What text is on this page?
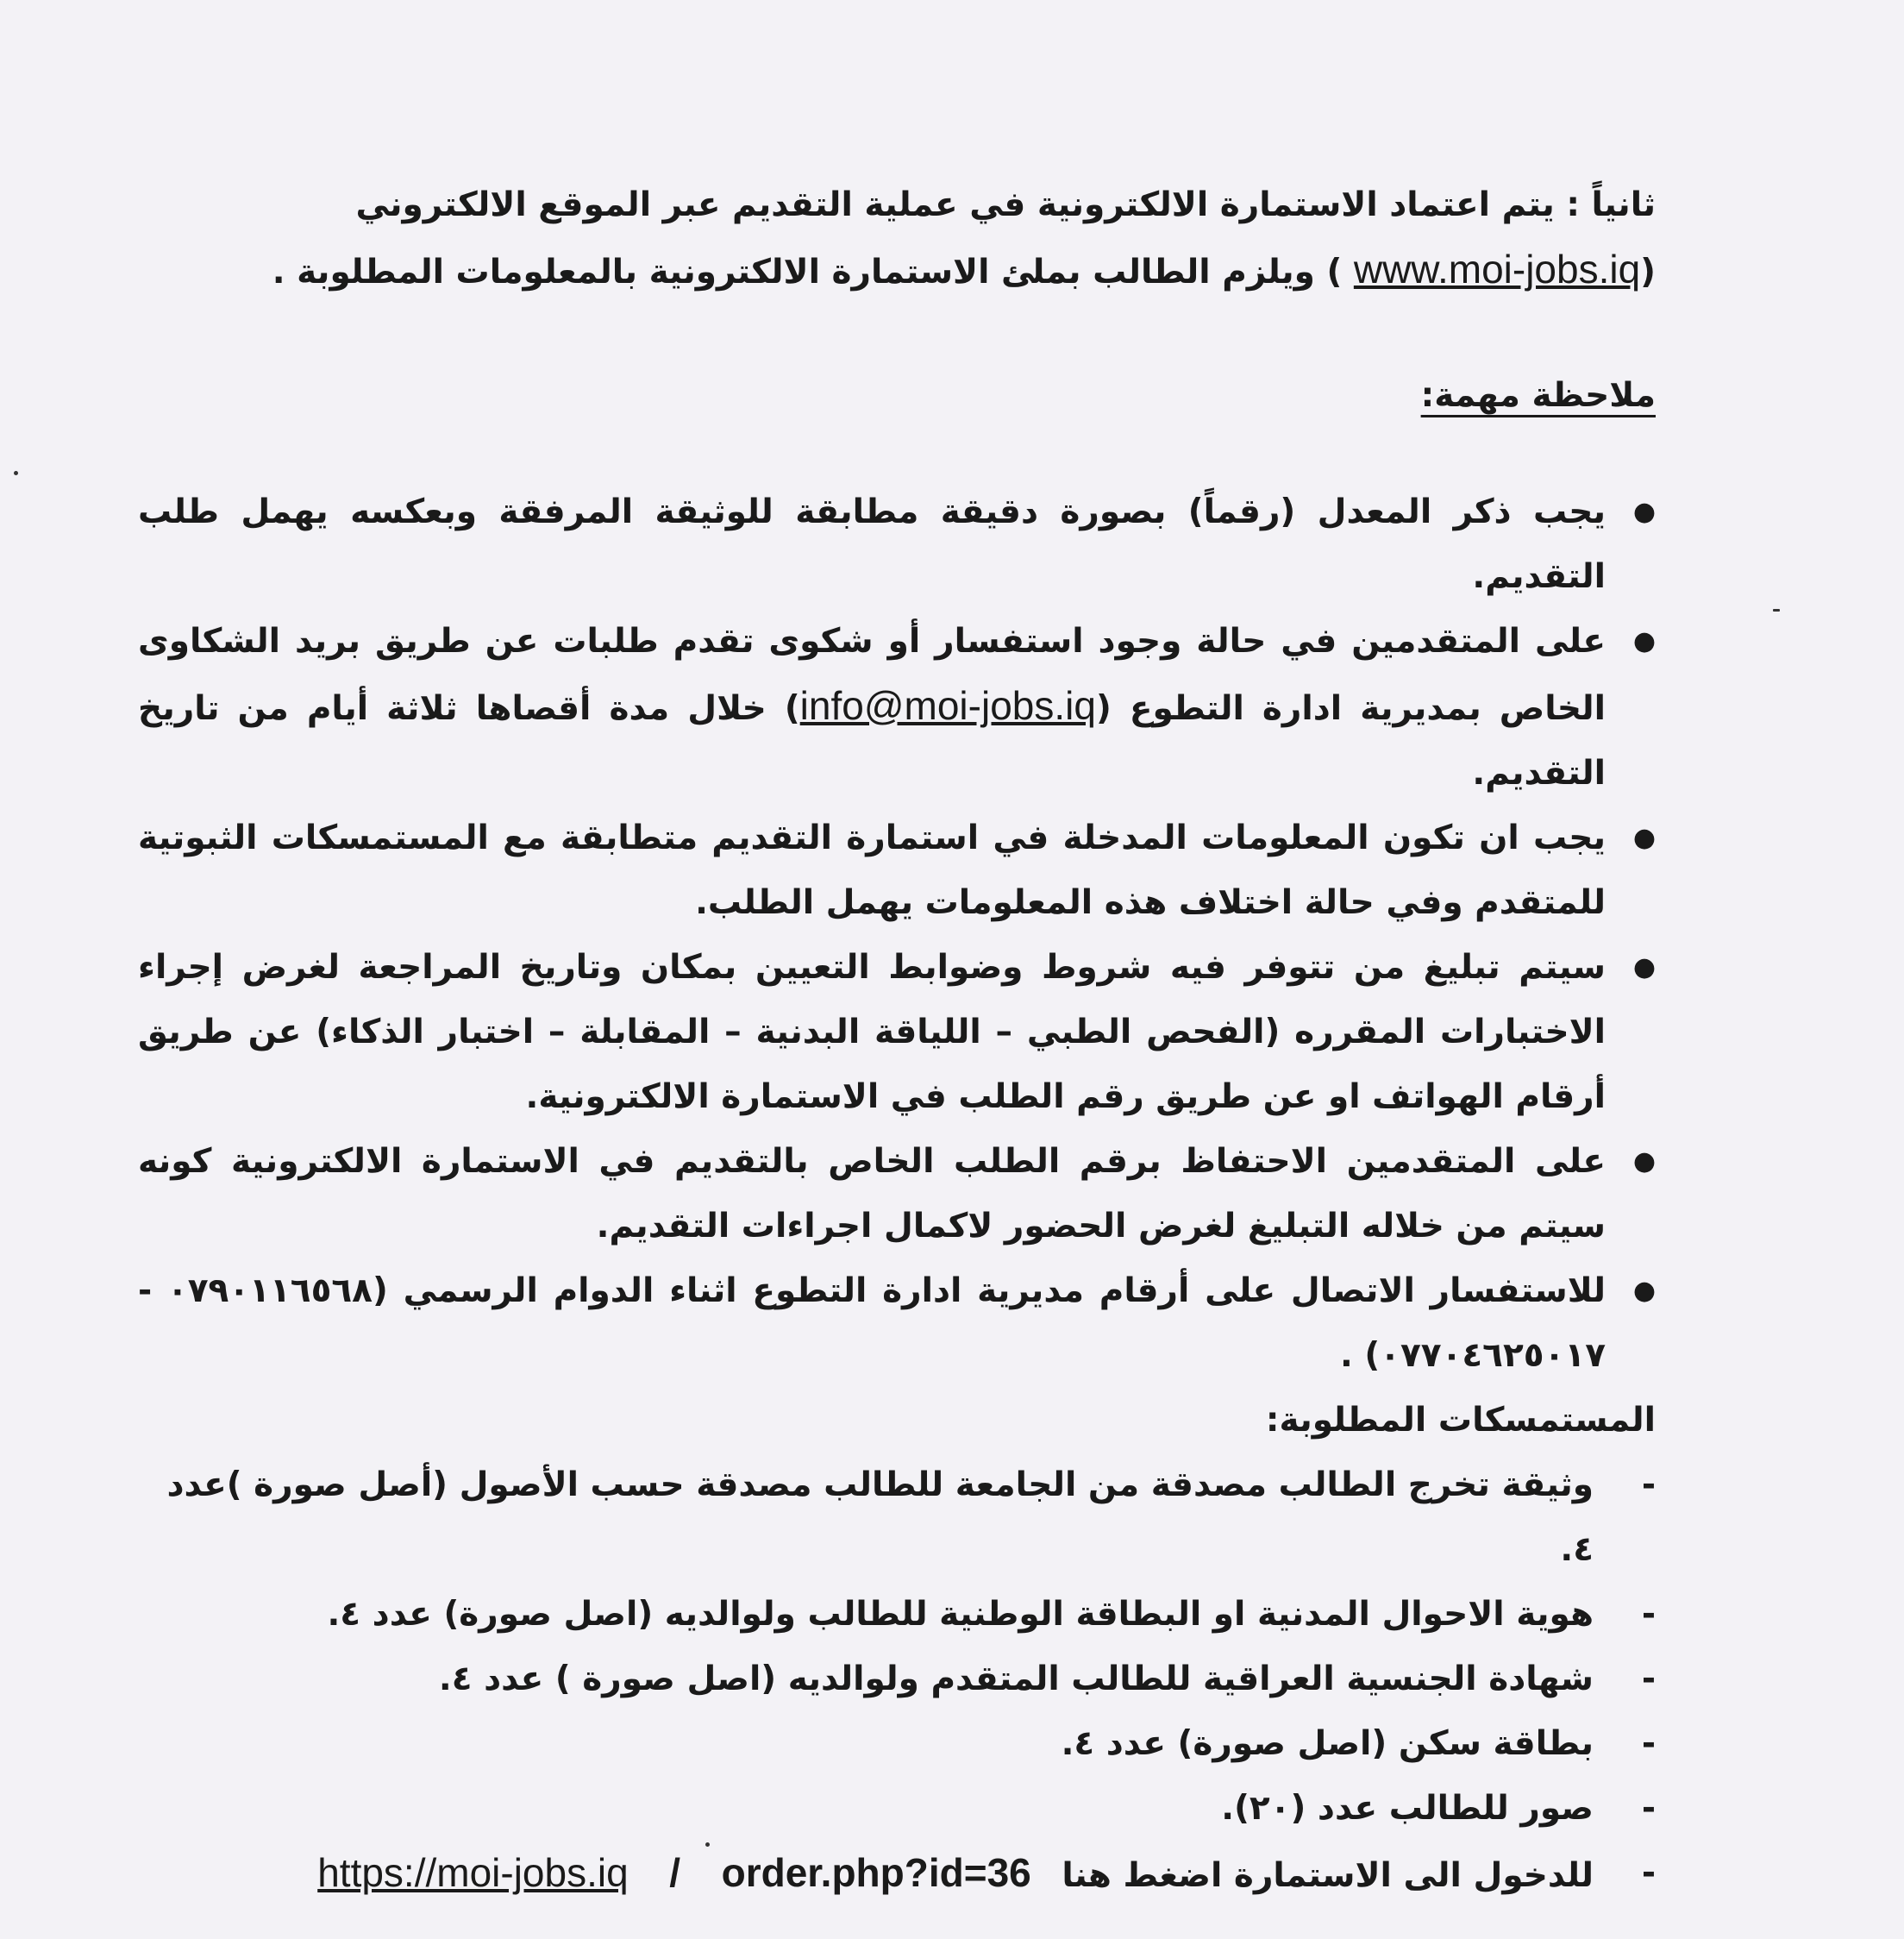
ثانياً : يتم اعتماد الاستمارة الالكترونية في عملية التقديم عبر الموقع الالكتروني
(www.moi-jobs.iq ) ويلزم الطالب بملئ الاستمارة الالكترونية بالمعلومات المطلوبة .

ملاحظة مهمة:

●
يجب ذكر المعدل (رقماً) بصورة دقيقة مطابقة للوثيقة المرفقة وبعكسه يهمل طلب التقديم.
●
على المتقدمين في حالة وجود استفسار أو شكوى تقدم طلبات عن طريق بريد الشكاوى الخاص بمديرية ادارة التطوع (info@moi-jobs.iq) خلال مدة أقصاها ثلاثة أيام من تاريخ التقديم.
●
يجب ان تكون المعلومات المدخلة في استمارة التقديم متطابقة مع المستمسكات الثبوتية للمتقدم وفي حالة اختلاف هذه المعلومات يهمل الطلب.
●
سيتم تبليغ من تتوفر فيه شروط وضوابط التعيين بمكان وتاريخ المراجعة لغرض إجراء الاختبارات المقرره (الفحص الطبي – اللياقة البدنية – المقابلة – اختبار الذكاء) عن طريق أرقام الهواتف او عن طريق رقم الطلب في الاستمارة الالكترونية.
●
على المتقدمين الاحتفاظ برقم الطلب الخاص بالتقديم في الاستمارة الالكترونية كونه سيتم من خلاله التبليغ لغرض الحضور لاكمال اجراءات التقديم.
●
للاستفسار الاتصال على أرقام مديرية ادارة التطوع اثناء الدوام الرسمي (٠٧٩٠١١٦٥٦٨ - ٠٧٧٠٤٦٢٥٠١٧) .

المستمسكات المطلوبة:

-
وثيقة تخرج الطالب مصدقة من الجامعة للطالب مصدقة حسب الأصول (أصل صورة )عدد ٤.
-
هوية الاحوال المدنية او البطاقة الوطنية للطالب ولوالديه (اصل صورة) عدد ٤.
-
شهادة الجنسية العراقية للطالب المتقدم ولوالديه (اصل صورة ) عدد ٤.
-
بطاقة سكن (اصل صورة) عدد ٤.
-
صور للطالب عدد (٢٠).
-
للدخول الى الاستمارة اضغط هنا order.php?id=36 / https://moi-jobs.iq
